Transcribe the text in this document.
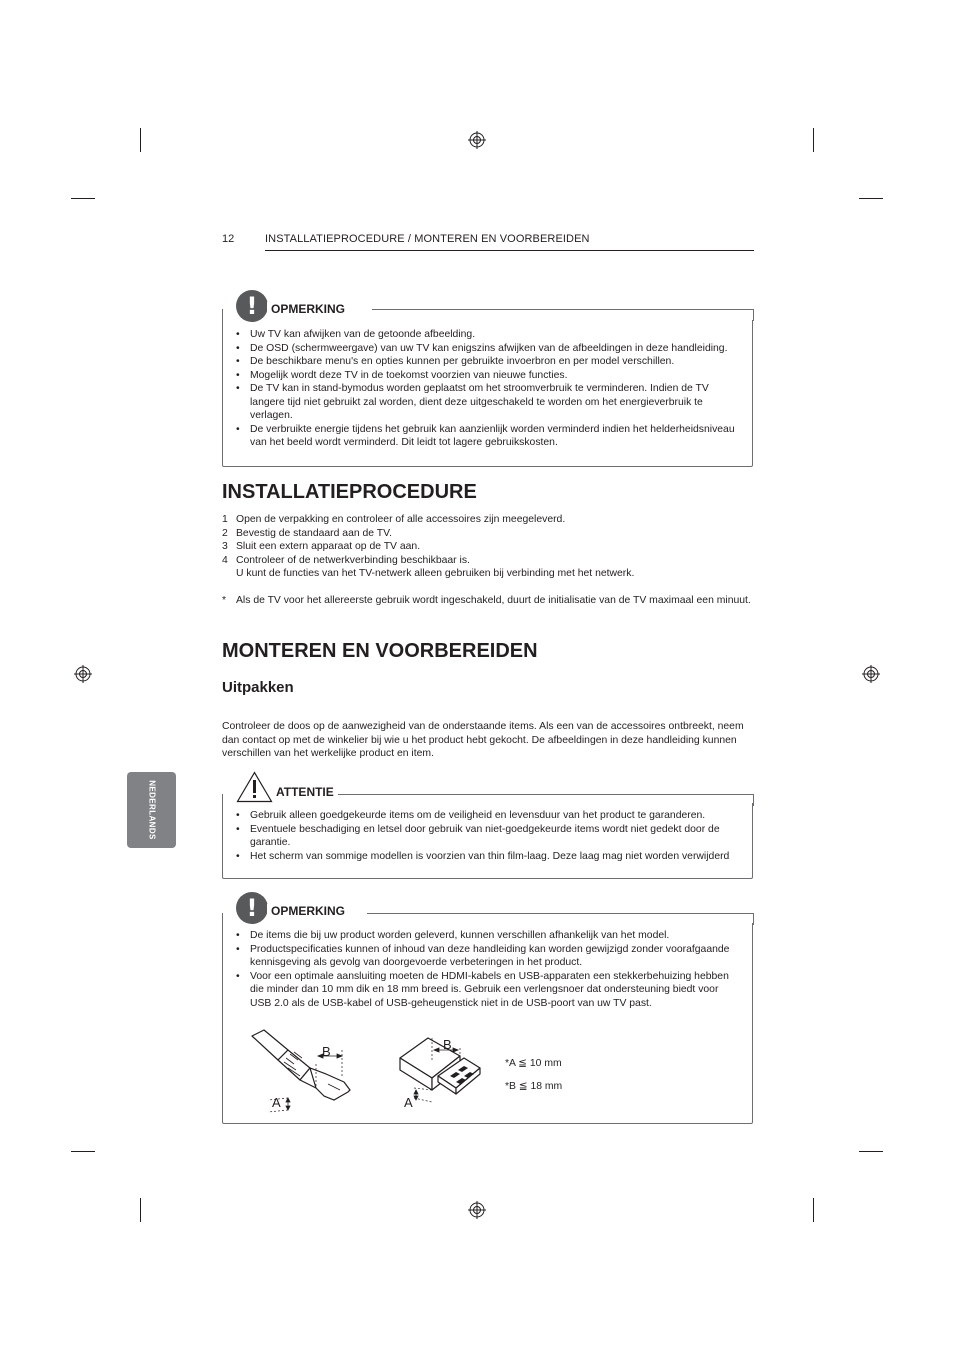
12	INSTALLATIEPROCEDURE / MONTEREN EN VOORBEREIDEN
• Uw TV kan afwijken van de getoonde afbeelding.
• De OSD (schermweergave) van uw TV kan enigszins afwijken van de afbeeldingen in deze handleiding.
• De beschikbare menu's en opties kunnen per gebruikte invoerbron en per model verschillen.
• Mogelijk wordt deze TV in de toekomst voorzien van nieuwe functies.
• De TV kan in stand-bymodus worden geplaatst om het stroomverbruik te verminderen. Indien de TV langere tijd niet gebruikt zal worden, dient deze uitgeschakeld te worden om het energieverbruik te verlagen.
• De verbruikte energie tijdens het gebruik kan aanzienlijk worden verminderd indien het helderheidsniveau van het beeld wordt verminderd. Dit leidt tot lagere gebruikskosten.
!	OPMERKING
INSTALLATIEPROCEDURE
1 Open de verpakking en controleer of alle accessoires zijn meegeleverd.
2 Bevestig de standaard aan de TV.
3 Sluit een extern apparaat op de TV aan.
4 Controleer of de netwerkverbinding beschikbaar is.
U kunt de functies van het TV-netwerk alleen gebruiken bij verbinding met het netwerk.
* Als de TV voor het allereerste gebruik wordt ingeschakeld, duurt de initialisatie van de TV maximaal een minuut.
MONTEREN EN VOORBEREIDEN
Uitpakken
Controleer de doos op de aanwezigheid van de onderstaande items. Als een van de accessoires ontbreekt, neem dan contact op met de winkelier bij wie u het product hebt gekocht. De afbeeldingen in deze handleiding kunnen verschillen van het werkelijke product en item.
NEDERLANDS
•	Gebruik alleen goedgekeurde items om de veiligheid en levensduur van het product te garanderen.
• Eventuele beschadiging en letsel door gebruik van niet-goedgekeurde items wordt niet gedekt door de garantie.
• Het scherm van sommige modellen is voorzien van thin film-laag. Deze laag mag niet worden verwijderd
ATTENTIE
• De items die bij uw product worden geleverd, kunnen verschillen afhankelijk van het model.
• Productspecificaties kunnen of inhoud van deze handleiding kan worden gewijzigd zonder voorafgaande kennisgeving als gevolg van doorgevoerde verbeteringen in het product.
• Voor een optimale aansluiting moeten de HDMI-kabels en USB-apparaten een stekkerbehuizing hebben die minder dan 10 mm dik en 18 mm breed is. Gebruik een verlengsnoer dat ondersteuning biedt voor USB 2.0 als de USB-kabel of USB-geheugenstick niet in de USB-poort van uw TV past.
!	OPMERKING
B
A
B
A
*A ≦ 10 mm
*B ≦ 18 mm
